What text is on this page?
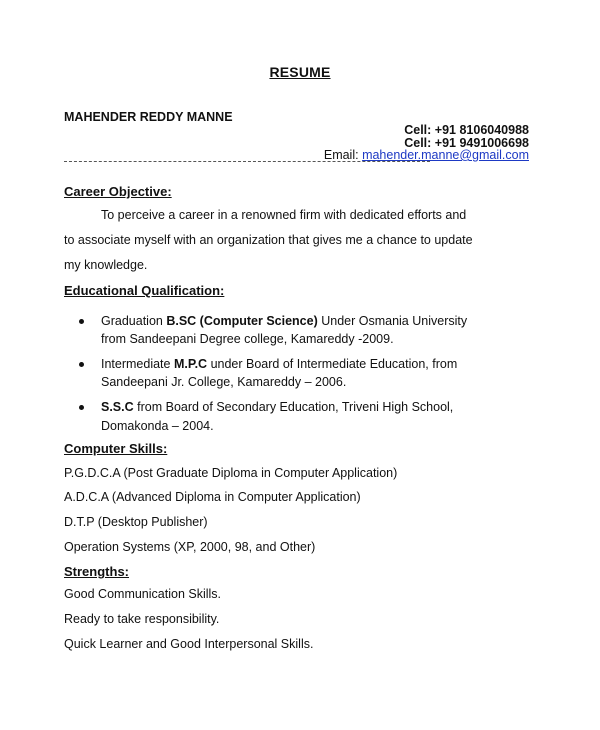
RESUME
MAHENDER REDDY MANNE
Cell: +91 8106040988
Cell: +91 9491006698
Email: mahender.manne@gmail.com
Career Objective:
To perceive a career in a renowned firm with dedicated efforts and
to associate myself with an organization that gives me a chance to update
my knowledge.
Educational Qualification:
Graduation B.SC (Computer Science) Under Osmania University
from Sandeepani Degree college, Kamareddy -2009.
Intermediate M.P.C under Board of Intermediate Education, from
Sandeepani Jr. College, Kamareddy – 2006.
S.S.C from Board of Secondary Education, Triveni High School,
Domakonda – 2004.
Computer Skills:
P.G.D.C.A (Post Graduate Diploma in Computer Application)
A.D.C.A (Advanced Diploma in Computer Application)
D.T.P (Desktop Publisher)
Operation Systems (XP, 2000, 98, and Other)
Strengths:
Good Communication Skills.
Ready to take responsibility.
Quick Learner and Good Interpersonal Skills.
